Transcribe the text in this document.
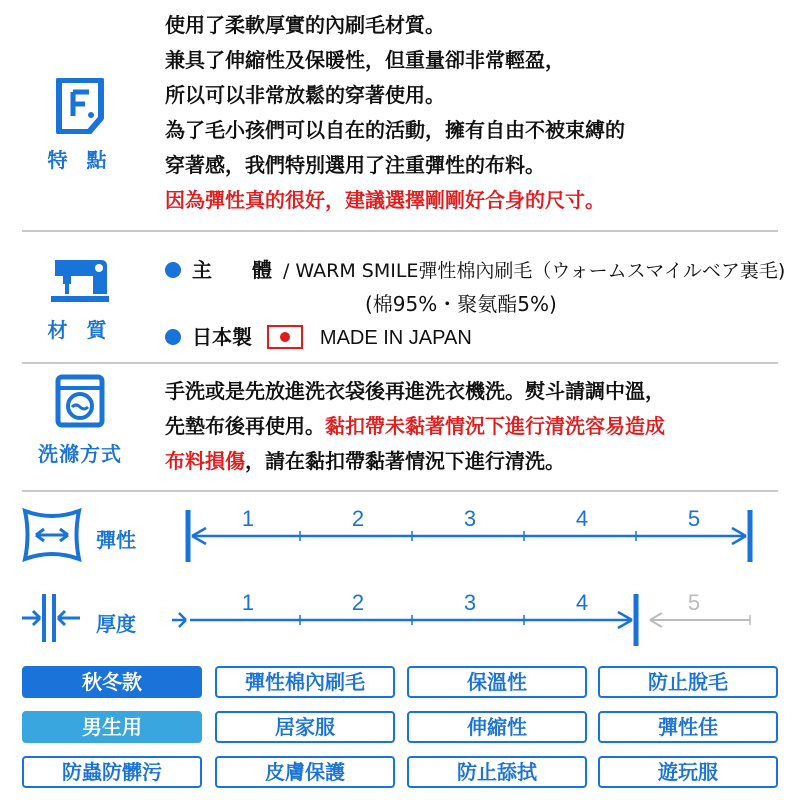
特 點
使用了柔軟厚實的內刷毛材質。
兼具了伸縮性及保暖性，但重量卻非常輕盈，
所以可以非常放鬆的穿著使用。
為了毛小孩們可以自在的活動，擁有自由不被束縛的
穿著感，我們特別選用了注重彈性的布料。
因為彈性真的很好，建議選擇剛剛好合身的尺寸。
材 質
主　　體 / WARM SMILE彈性棉內刷毛（ウォームスマイルベア裏毛)
(棉95%・聚氨酯5%)
日本製	MADE IN JAPAN
洗滌方式
手洗或是先放進洗衣袋後再進洗衣機洗。熨斗請調中溫，
先墊布後再使用。黏扣帶未黏著情況下進行清洗容易造成
布料損傷，請在黏扣帶黏著情況下進行清洗。
彈性
1	2	3	4	5
厚度
1	2	3	4	5
秋冬款	彈性棉內刷毛	保溫性	防止脫毛
男生用	居家服	伸縮性	彈性佳
防蟲防髒污	皮膚保護	防止舔拭	遊玩服
